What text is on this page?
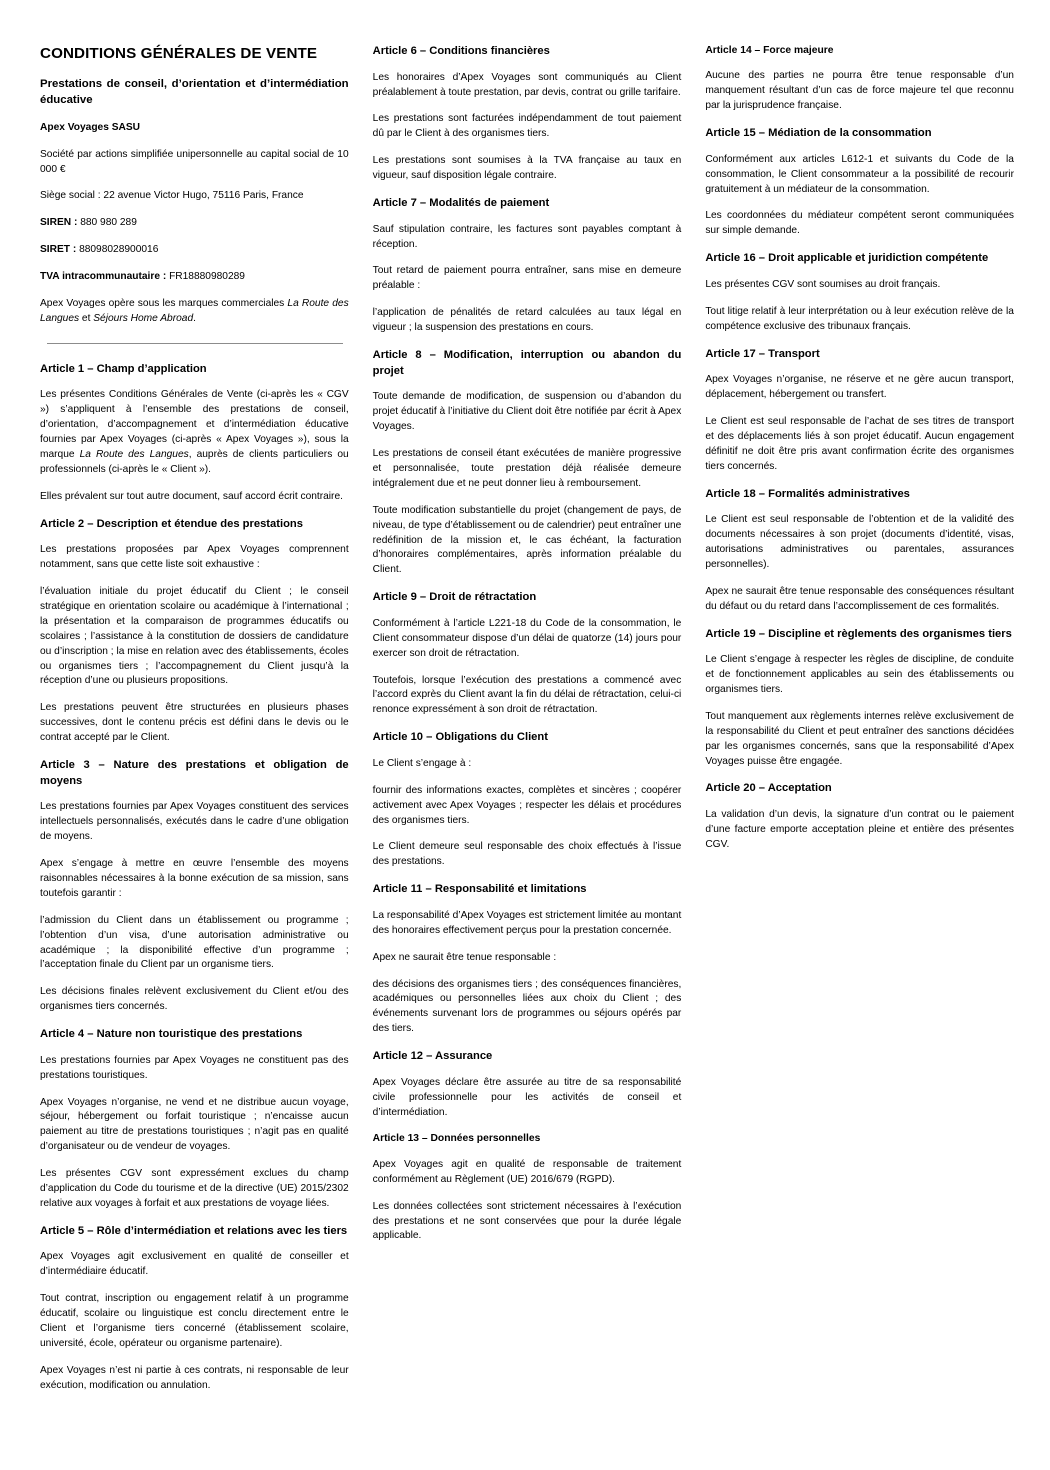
CONDITIONS GÉNÉRALES DE VENTE
Prestations de conseil, d’orientation et d’intermédiation éducative
Apex Voyages SASU

Société par actions simplifiée unipersonnelle au capital social de 10 000 €

Siège social : 22 avenue Victor Hugo, 75116 Paris, France

SIREN : 880 980 289

SIRET : 88098028900016

TVA intracommunautaire : FR18880980289

Apex Voyages opère sous les marques commerciales La Route des Langues et Séjours Home Abroad.

Article 1 – Champ d’application

Les présentes Conditions Générales de Vente (ci-après les « CGV ») s’appliquent à l’ensemble des prestations de conseil, d’orientation, d’accompagnement et d’intermédiation éducative fournies par Apex Voyages (ci-après « Apex Voyages »), sous la marque La Route des Langues, auprès de clients particuliers ou professionnels (ci-après le « Client »).

Elles prévalent sur tout autre document, sauf accord écrit contraire.

Article 2 – Description et étendue des prestations

Les prestations proposées par Apex Voyages comprennent notamment, sans que cette liste soit exhaustive :

l’évaluation initiale du projet éducatif du Client ; le conseil stratégique en orientation scolaire ou académique à l’international ; la présentation et la comparaison de programmes éducatifs ou scolaires ; l’assistance à la constitution de dossiers de candidature ou d’inscription ; la mise en relation avec des établissements, écoles ou organismes tiers ; l’accompagnement du Client jusqu’à la réception d’une ou plusieurs propositions.

Les prestations peuvent être structurées en plusieurs phases successives, dont le contenu précis est défini dans le devis ou le contrat accepté par le Client.

Article 3 – Nature des prestations et obligation de moyens

Les prestations fournies par Apex Voyages constituent des services intellectuels personnalisés, exécutés dans le cadre d’une obligation de moyens.

Apex s’engage à mettre en œuvre l’ensemble des moyens raisonnables nécessaires à la bonne exécution de sa mission, sans toutefois garantir :

l’admission du Client dans un établissement ou programme ; l’obtention d’un visa, d’une autorisation administrative ou académique ; la disponibilité effective d’un programme ; l’acceptation finale du Client par un organisme tiers.

Les décisions finales relèvent exclusivement du Client et/ou des organismes tiers concernés.

Article 4 – Nature non touristique des prestations

Les prestations fournies par Apex Voyages ne constituent pas des prestations touristiques.

Apex Voyages n’organise, ne vend et ne distribue aucun voyage, séjour, hébergement ou forfait touristique ; n’encaisse aucun paiement au titre de prestations touristiques ; n’agit pas en qualité d’organisateur ou de vendeur de voyages.

Les présentes CGV sont expressément exclues du champ d’application du Code du tourisme et de la directive (UE) 2015/2302 relative aux voyages à forfait et aux prestations de voyage liées.

Article 5 – Rôle d’intermédiation et relations avec les tiers

Apex Voyages agit exclusivement en qualité de conseiller et d’intermédiaire éducatif.

Tout contrat, inscription ou engagement relatif à un programme éducatif, scolaire ou linguistique est conclu directement entre le Client et l’organisme tiers concerné (établissement scolaire, université, école, opérateur ou organisme partenaire).

Apex Voyages n’est ni partie à ces contrats, ni responsable de leur exécution, modification ou annulation.

Article 6 – Conditions financières

Les honoraires d’Apex Voyages sont communiqués au Client préalablement à toute prestation, par devis, contrat ou grille tarifaire.

Les prestations sont facturées indépendamment de tout paiement dû par le Client à des organismes tiers.

Les prestations sont soumises à la TVA française au taux en vigueur, sauf disposition légale contraire.

Article 7 – Modalités de paiement

Sauf stipulation contraire, les factures sont payables comptant à réception.

Tout retard de paiement pourra entraîner, sans mise en demeure préalable :

l’application de pénalités de retard calculées au taux légal en vigueur ; la suspension des prestations en cours.

Article 8 – Modification, interruption ou abandon du projet

Toute demande de modification, de suspension ou d’abandon du projet éducatif à l’initiative du Client doit être notifiée par écrit à Apex Voyages.

Les prestations de conseil étant exécutées de manière progressive et personnalisée, toute prestation déjà réalisée demeure intégralement due et ne peut donner lieu à remboursement.

Toute modification substantielle du projet (changement de pays, de niveau, de type d’établissement ou de calendrier) peut entraîner une redéfinition de la mission et, le cas échéant, la facturation d’honoraires complémentaires, après information préalable du Client.

Article 9 – Droit de rétractation

Conformément à l’article L221-18 du Code de la consommation, le Client consommateur dispose d’un délai de quatorze (14) jours pour exercer son droit de rétractation.

Toutefois, lorsque l’exécution des prestations a commencé avec l’accord exprès du Client avant la fin du délai de rétractation, celui-ci renonce expressément à son droit de rétractation.

Article 10 – Obligations du Client

Le Client s’engage à :

fournir des informations exactes, complètes et sincères ; coopérer activement avec Apex Voyages ; respecter les délais et procédures des organismes tiers.

Le Client demeure seul responsable des choix effectués à l’issue des prestations.

Article 11 – Responsabilité et limitations

La responsabilité d’Apex Voyages est strictement limitée au montant des honoraires effectivement perçus pour la prestation concernée.

Apex ne saurait être tenue responsable :

des décisions des organismes tiers ; des conséquences financières, académiques ou personnelles liées aux choix du Client ; des événements survenant lors de programmes ou séjours opérés par des tiers.

Article 12 – Assurance

Apex Voyages déclare être assurée au titre de sa responsabilité civile professionnelle pour les activités de conseil et d’intermédiation.

Article 13 – Données personnelles

Apex Voyages agit en qualité de responsable de traitement conformément au Règlement (UE) 2016/679 (RGPD).

Les données collectées sont strictement nécessaires à l’exécution des prestations et ne sont conservées que pour la durée légale applicable.

Article 14 – Force majeure

Aucune des parties ne pourra être tenue responsable d’un manquement résultant d’un cas de force majeure tel que reconnu par la jurisprudence française.

Article 15 – Médiation de la consommation

Conformément aux articles L612-1 et suivants du Code de la consommation, le Client consommateur a la possibilité de recourir gratuitement à un médiateur de la consommation.

Les coordonnées du médiateur compétent seront communiquées sur simple demande.

Article 16 – Droit applicable et juridiction compétente

Les présentes CGV sont soumises au droit français.

Tout litige relatif à leur interprétation ou à leur exécution relève de la compétence exclusive des tribunaux français.

Article 17 – Transport

Apex Voyages n’organise, ne réserve et ne gère aucun transport, déplacement, hébergement ou transfert.

Le Client est seul responsable de l’achat de ses titres de transport et des déplacements liés à son projet éducatif. Aucun engagement définitif ne doit être pris avant confirmation écrite des organismes tiers concernés.

Article 18 – Formalités administratives

Le Client est seul responsable de l’obtention et de la validité des documents nécessaires à son projet (documents d’identité, visas, autorisations administratives ou parentales, assurances personnelles).

Apex ne saurait être tenue responsable des conséquences résultant du défaut ou du retard dans l’accomplissement de ces formalités.

Article 19 – Discipline et règlements des organismes tiers

Le Client s’engage à respecter les règles de discipline, de conduite et de fonctionnement applicables au sein des établissements ou organismes tiers.

Tout manquement aux règlements internes relève exclusivement de la responsabilité du Client et peut entraîner des sanctions décidées par les organismes concernés, sans que la responsabilité d’Apex Voyages puisse être engagée.

Article 20 – Acceptation

La validation d’un devis, la signature d’un contrat ou le paiement d’une facture emporte acceptation pleine et entière des présentes CGV.
